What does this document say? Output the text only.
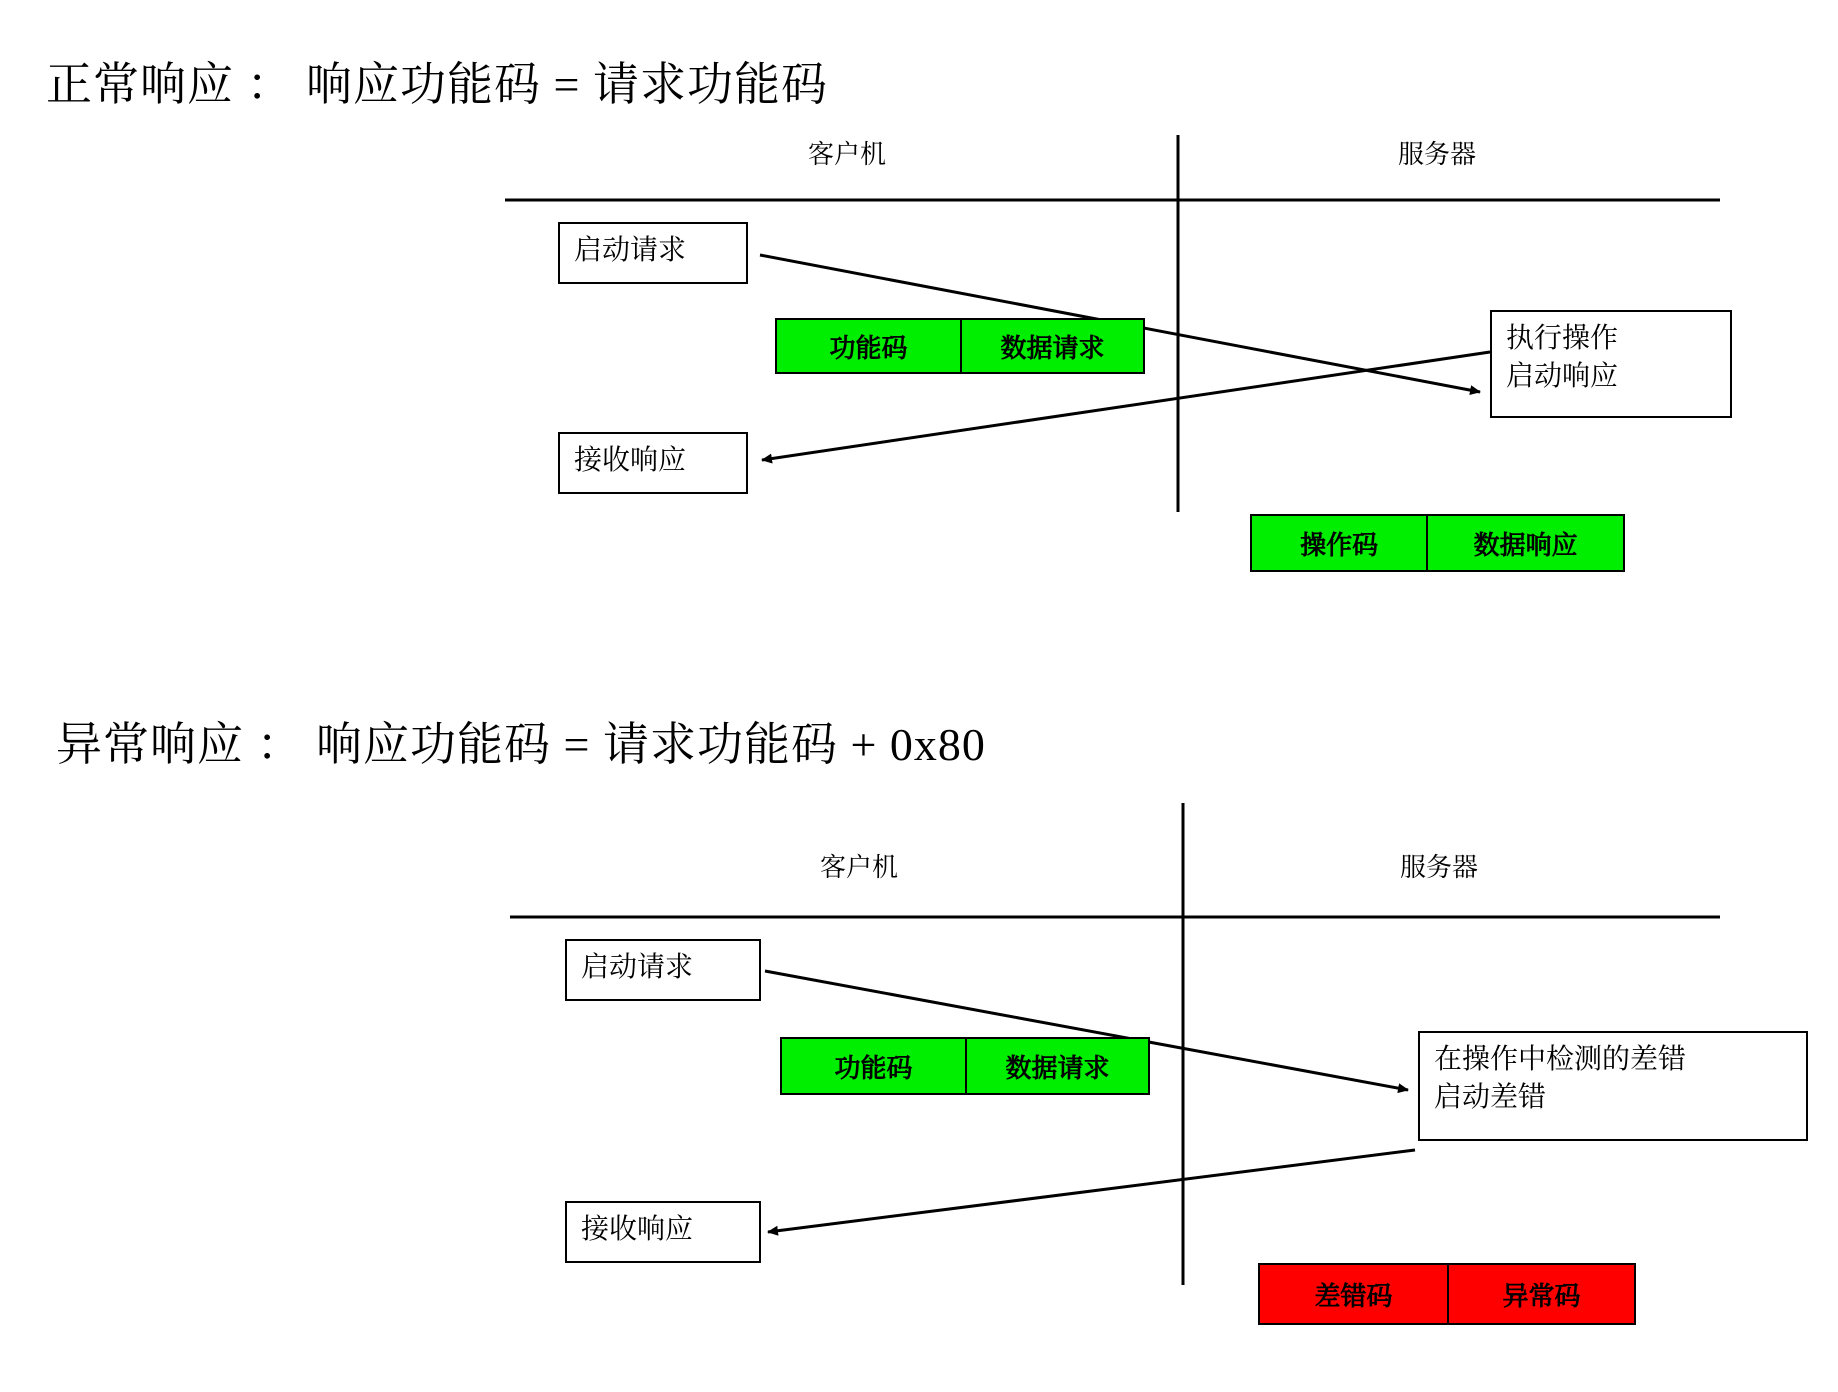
正常响应 ： 响应功能码 = 请求功能码
异常响应 ： 响应功能码 = 请求功能码 + 0x80
客户机	服务器
启动请求
执行操作
启动响应
接收响应
功能码	数据请求
操作码	数据响应
客户机	服务器
启动请求
在操作中检测的差错
启动差错
接收响应
功能码	数据请求
差错码	异常码
